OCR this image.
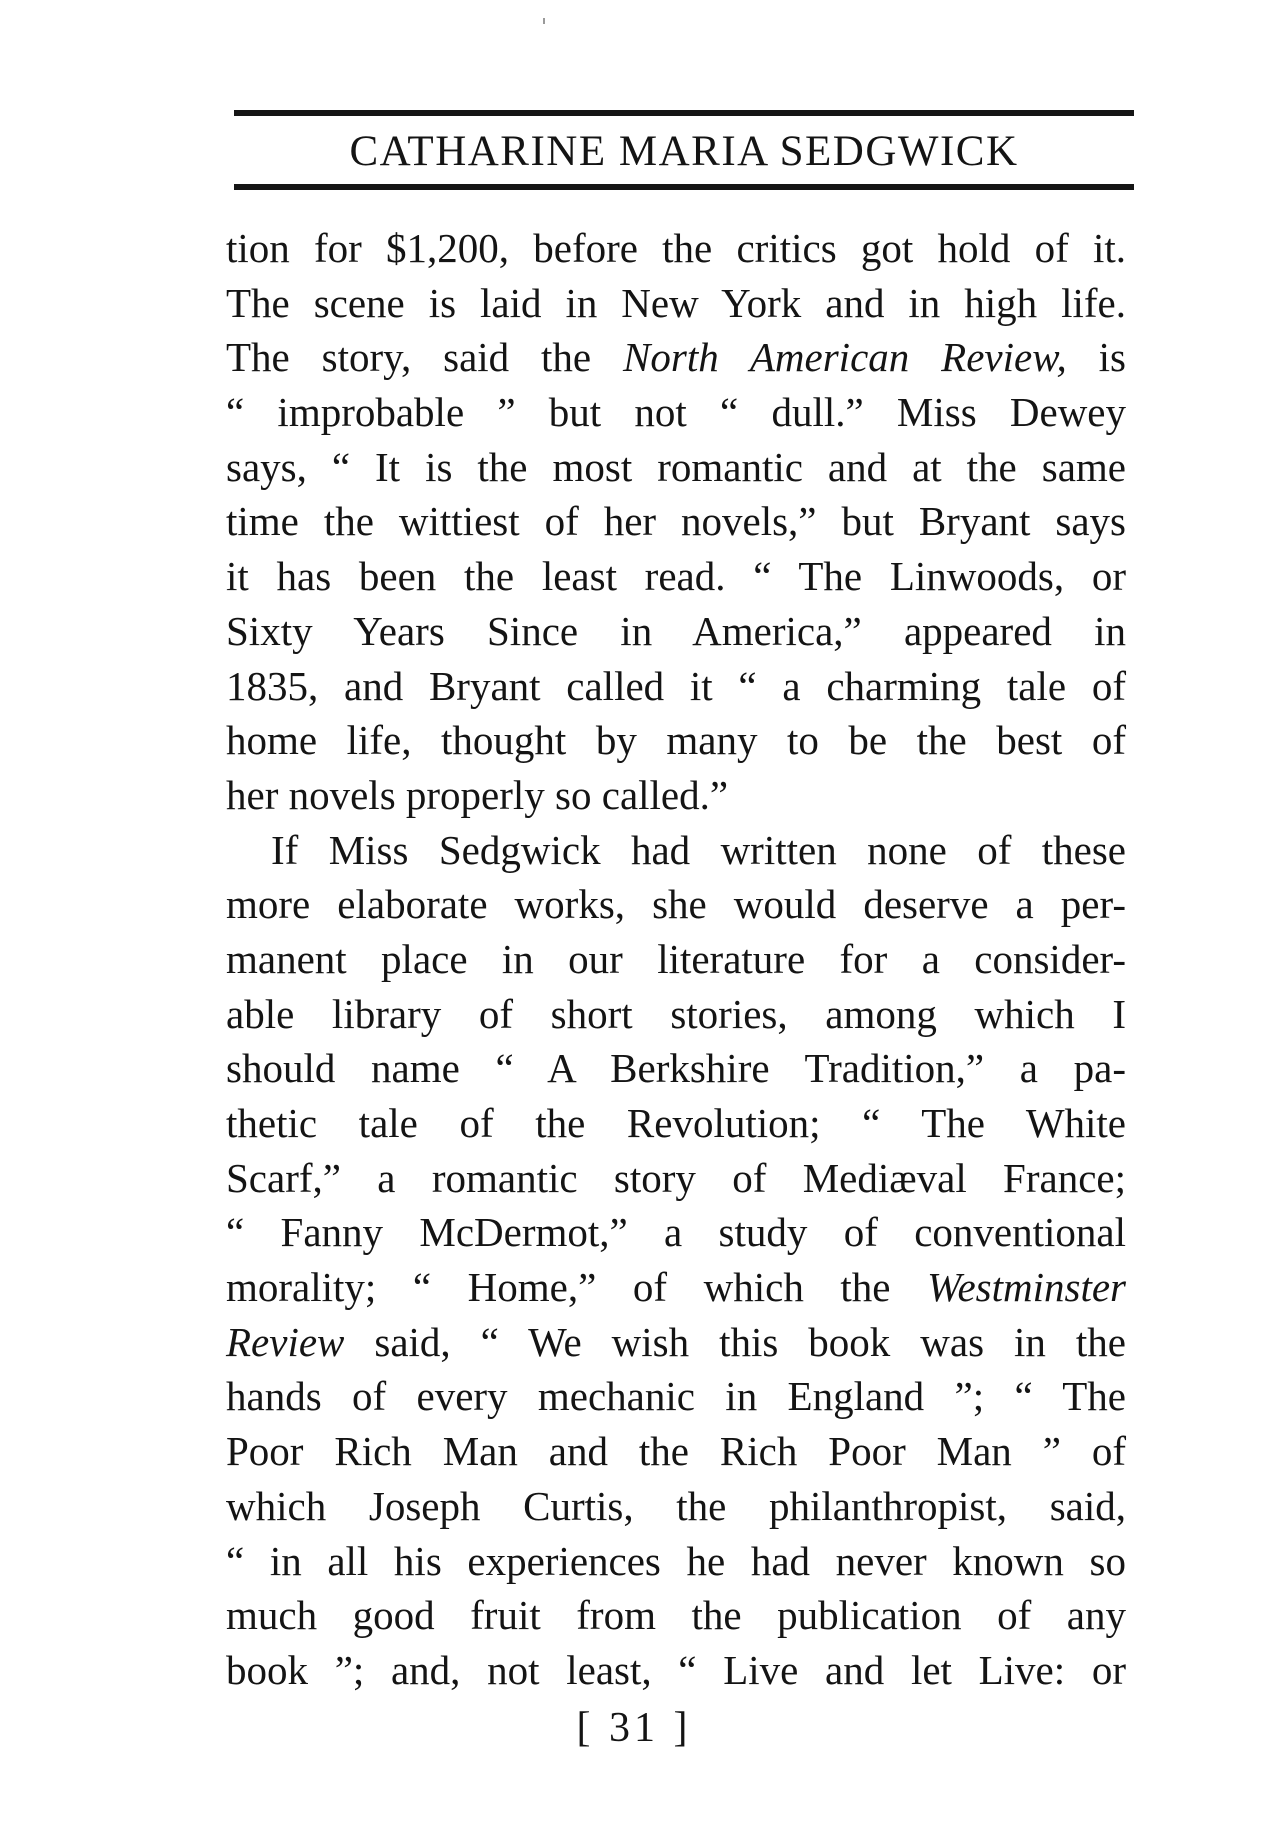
CATHARINE MARIA SEDGWICK
tion for $1,200, before the critics got hold of it.
The scene is laid in New York and in high life.
The story, said the North American Review, is
“ improbable ” but not “ dull.” Miss Dewey
says, “ It is the most romantic and at the same
time the wittiest of her novels,” but Bryant says
it has been the least read. “ The Linwoods, or
Sixty Years Since in America,” appeared in
1835, and Bryant called it “ a charming tale of
home life, thought by many to be the best of
her novels properly so called.”
If Miss Sedgwick had written none of these
more elaborate works, she would deserve a per-
manent place in our literature for a consider-
able library of short stories, among which I
should name “ A Berkshire Tradition,” a pa-
thetic tale of the Revolution; “ The White
Scarf,” a romantic story of Mediæval France;
“ Fanny McDermot,” a study of conventional
morality; “ Home,” of which the Westminster
Review said, “ We wish this book was in the
hands of every mechanic in England ”; “ The
Poor Rich Man and the Rich Poor Man ” of
which Joseph Curtis, the philanthropist, said,
“ in all his experiences he had never known so
much good fruit from the publication of any
book ”; and, not least, “ Live and let Live: or
[ 31 ]
